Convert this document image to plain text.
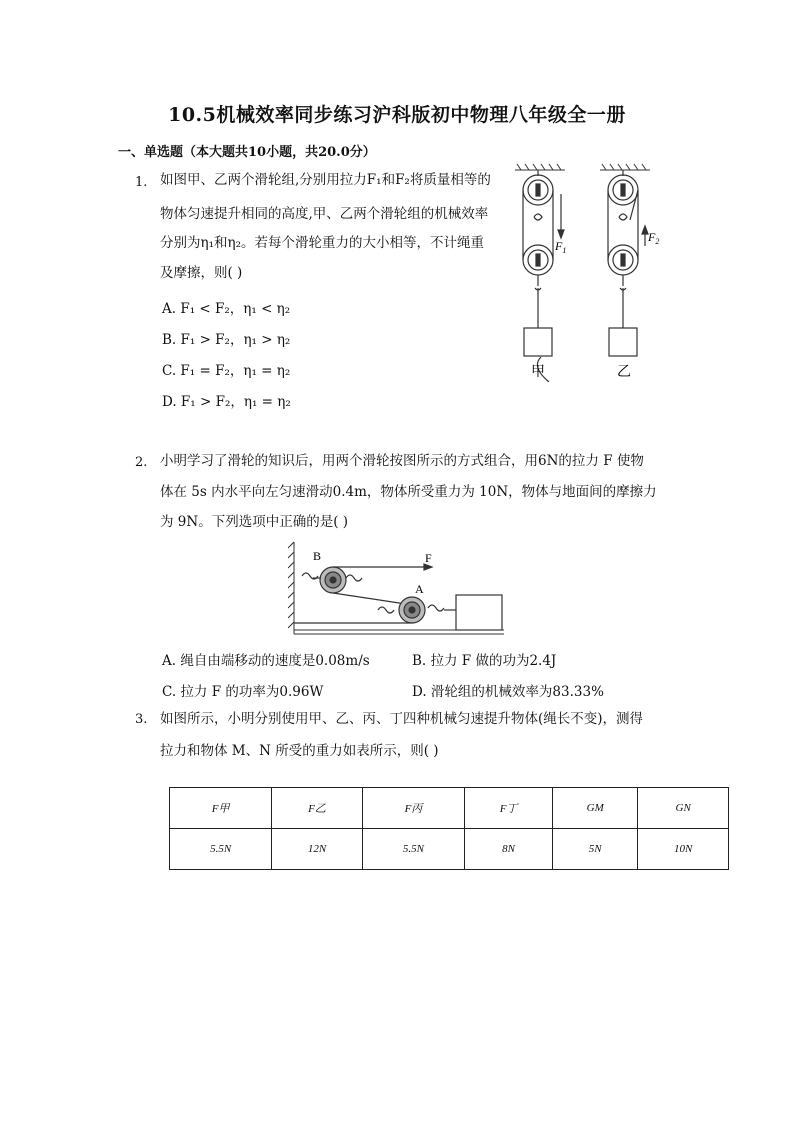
10.5机械效率同步练习沪科版初中物理八年级全一册
一、单选题（本大题共10小题，共20.0分）
1. 如图甲、乙两个滑轮组,分别用拉力F₁和F₂将质量相等的
物体匀速提升相同的高度,甲、乙两个滑轮组的机械效率
分别为η₁和η₂。若每个滑轮重力的大小相等，不计绳重
及摩擦，则( )
A. F₁ < F₂，η₁ < η₂
B. F₁ > F₂，η₁ > η₂
C. F₁ = F₂，η₁ = η₂
D. F₁ > F₂，η₁ = η₂
$F_1$
$F_2$
甲	乙
2. 小明学习了滑轮的知识后，用两个滑轮按图所示的方式组合，用6N的拉力 F 使物
体在 5s 内水平向左匀速滑动0.4m，物体所受重力为 10N，物体与地面间的摩擦力
为 9N。下列选项中正确的是( )
B
A
F
A. 绳自由端移动的速度是0.08m/s	B. 拉力 F 做的功为2.4J
C. 拉力 F 的功率为0.96W	D. 滑轮组的机械效率为83.33%
3. 如图所示，小明分别使用甲、乙、丙、丁四种机械匀速提升物体(绳长不变)，测得
拉力和物体 M、N 所受的重力如表所示，则( )
F甲	F乙	F丙	F丁	GM	GN
5.5N	12N	5.5N	8N	5N	10N
